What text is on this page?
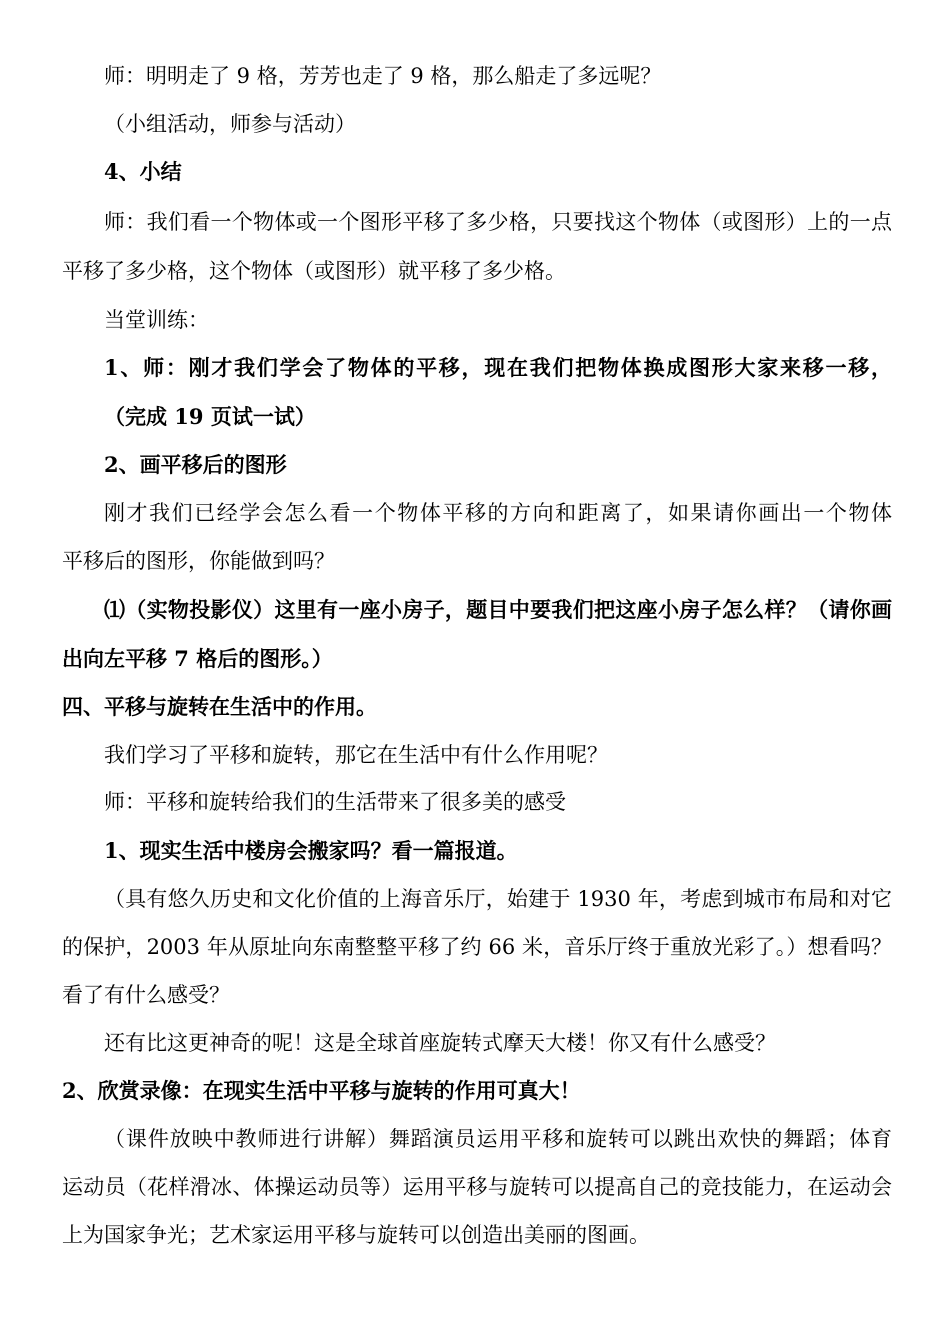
师：明明走了 9 格，芳芳也走了 9 格，那么船走了多远呢？
（小组活动，师参与活动）
4、小结
师：我们看一个物体或一个图形平移了多少格，只要找这个物体（或图形）上的一点
平移了多少格，这个物体（或图形）就平移了多少格。
当堂训练：
1、师：刚才我们学会了物体的平移，现在我们把物体换成图形大家来移一移，
（完成 19 页试一试）
2、画平移后的图形
刚才我们已经学会怎么看一个物体平移的方向和距离了，如果请你画出一个物体
平移后的图形，你能做到吗？
⑴（实物投影仪）这里有一座小房子，题目中要我们把这座小房子怎么样？（请你画
出向左平移 7 格后的图形。）
四、平移与旋转在生活中的作用。
我们学习了平移和旋转，那它在生活中有什么作用呢？
师：平移和旋转给我们的生活带来了很多美的感受
1、现实生活中楼房会搬家吗？看一篇报道。
（具有悠久历史和文化价值的上海音乐厅，始建于 1930 年，考虑到城市布局和对它
的保护，2003 年从原址向东南整整平移了约 66 米，音乐厅终于重放光彩了。）想看吗？
看了有什么感受？
还有比这更神奇的呢！这是全球首座旋转式摩天大楼！你又有什么感受？
2、欣赏录像：在现实生活中平移与旋转的作用可真大！
（课件放映中教师进行讲解）舞蹈演员运用平移和旋转可以跳出欢快的舞蹈；体育
运动员（花样滑冰、体操运动员等）运用平移与旋转可以提高自己的竞技能力，在运动会
上为国家争光；艺术家运用平移与旋转可以创造出美丽的图画。
